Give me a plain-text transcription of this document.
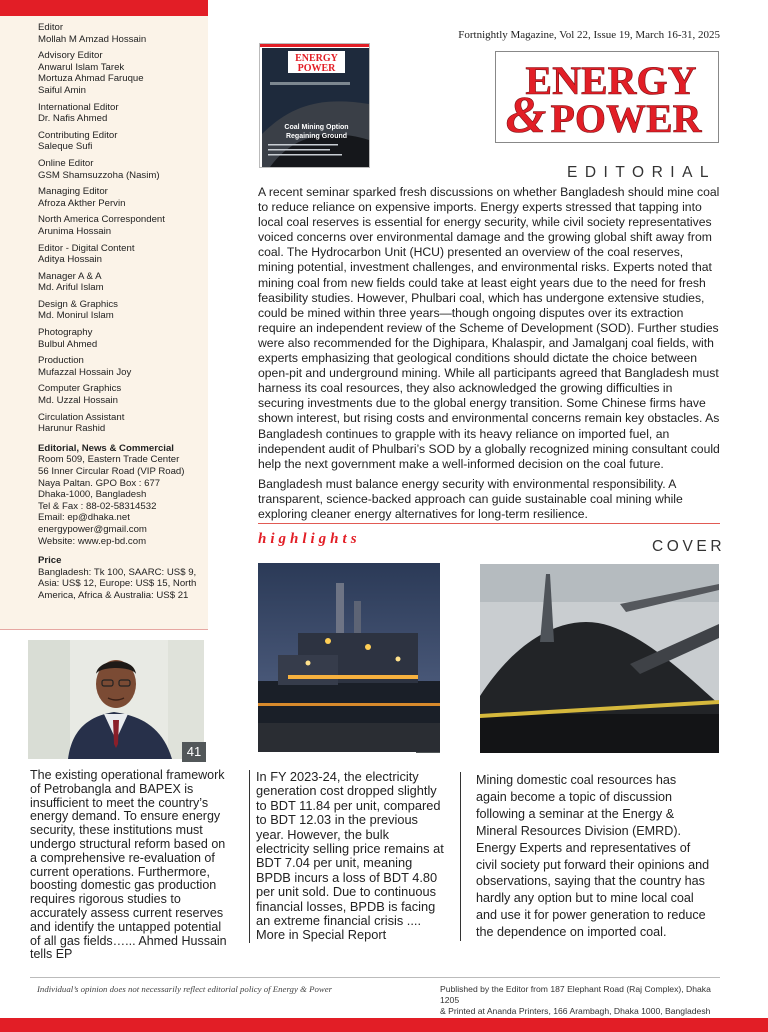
Editor
Mollah M Amzad Hossain
Advisory Editor
Anwarul Islam Tarek
Mortuza Ahmad Faruque
Saiful Amin
International Editor
Dr. Nafis Ahmed
Contributing Editor
Saleque Sufi
Online Editor
GSM Shamsuzzoha (Nasim)
Managing Editor
Afroza Akther Pervin
North America Correspondent
Arunima Hossain
Editor - Digital Content
Aditya Hossain
Manager A & A
Md. Ariful Islam
Design & Graphics
Md. Monirul Islam
Photography
Bulbul Ahmed
Production
Mufazzal Hossain Joy
Computer Graphics
Md. Uzzal Hossain
Circulation Assistant
Harunur Rashid
Editorial, News & Commercial
Room 509, Eastern Trade Center
56 Inner Circular Road (VIP Road)
Naya Paltan. GPO Box : 677
Dhaka-1000, Bangladesh
Tel & Fax : 88-02-58314532
Email: ep@dhaka.net
energypower@gmail.com
Website: www.ep-bd.com
Price
Bangladesh: Tk 100, SAARC: US$ 9,
Asia: US$ 12, Europe: US$ 15, North
America, Africa & Australia: US$ 21
41
The existing operational framework of Petrobangla and BAPEX is insufficient to meet the country’s energy demand. To ensure energy security, these institutions must undergo structural reform based on a comprehensive re-evaluation of current operations. Furthermore, boosting domestic gas production requires rigorous studies to accurately assess current reserves and identify the untapped potential of all gas fields…... Ahmed Hussain tells EP
In FY 2023-24, the electricity generation cost dropped slightly to BDT 11.84 per unit, compared to BDT 12.03 in the previous year. However, the bulk electricity selling price remains at BDT 7.04 per unit, meaning BPDB incurs a loss of BDT 4.80 per unit sold. Due to continuous financial losses, BPDB is facing an extreme financial crisis .... More in Special Report
Mining domestic coal resources has again become a topic of discussion following a seminar at the Energy & Mineral Resources Division (EMRD). Energy Experts and representatives of civil society put forward their opinions and observations, saying that the country has hardly any option but to mine local coal and use it for power generation to reduce the dependence on imported coal.
Fortnightly Magazine, Vol 22, Issue 19, March 16-31, 2025
ENERGY
POWER
Coal Mining Option
Regaining Ground
ENERGY
& POWER
EDITORIAL

A recent seminar sparked fresh discussions on whether Bangladesh should mine coal to reduce reliance on expensive imports. Energy experts stressed that tapping into local coal reserves is essential for energy security, while civil society representatives voiced concerns over environmental damage and the growing global shift away from coal. The Hydrocarbon Unit (HCU) presented an overview of the coal reserves, mining potential, investment challenges, and environmental risks. Experts noted that mining coal from new fields could take at least eight years due to the need for fresh feasibility studies. However, Phulbari coal, which has undergone extensive studies, could be mined within three years—though ongoing disputes over its extraction require an independent review of the Scheme of Development (SOD). Further studies were also recommended for the Dighipara, Khalaspir, and Jamalganj coal fields, with experts emphasizing that geological conditions should dictate the choice between open-pit and underground mining. While all participants agreed that Bangladesh must harness its coal resources, they also acknowledged the growing difficulties in securing investments due to the global energy transition. Some Chinese firms have shown interest, but rising costs and environmental concerns remain key obstacles. As Bangladesh continues to grapple with its heavy reliance on imported fuel, an independent audit of Phulbari’s SOD by a globally recognized mining consultant could help the next government make a well-informed decision on the coal future.

Bangladesh must balance energy security with environmental responsibility. A transparent, science-backed approach can guide sustainable coal mining while exploring cleaner energy alternatives for long-term resilience.

highlights	COVER
Individual’s opinion does not necessarily reflect editorial policy of Energy & Power	Published by the Editor from 187 Elephant Road (Raj Complex), Dhaka 1205
& Printed at Ananda Printers, 166 Arambagh, Dhaka 1000, Bangladesh
